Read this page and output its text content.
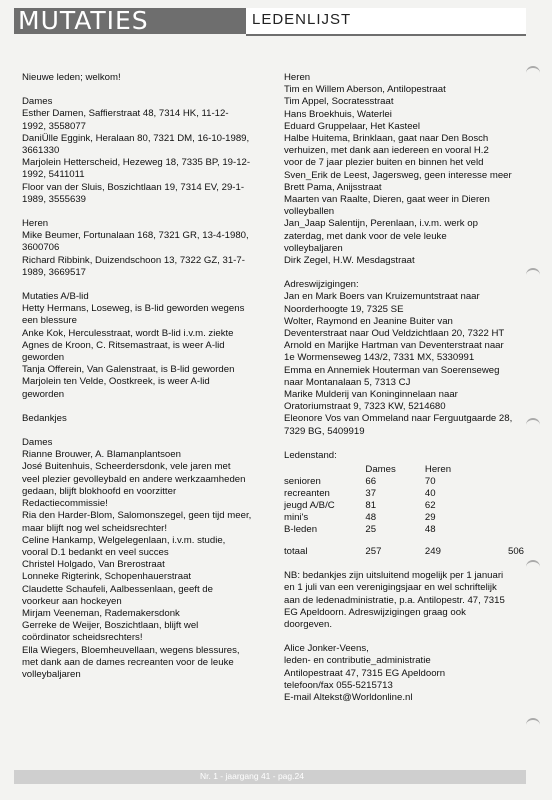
MUTATIES	LEDENLIJST
Nieuwe leden; welkom!
Dames
Esther Damen, Saffierstraat 48, 7314 HK, 11-12-
1992, 3558077
DaniÜlle Eggink, Heralaan 80, 7321 DM, 16-10-1989,
3661330
Marjolein Hetterscheid, Hezeweg 18, 7335 BP, 19-12-
1992, 5411011
Floor van der Sluis, Boszichtlaan 19, 7314 EV, 29-1-
1989, 3555639
Heren
Mike Beumer, Fortunalaan 168, 7321 GR, 13-4-1980,
3600706
Richard Ribbink, Duizendschoon 13, 7322 GZ, 31-7-
1989, 3669517
Mutaties A/B-lid
Hetty Hermans, Loseweg, is B-lid geworden wegens
een blessure
Anke Kok, Herculesstraat, wordt B-lid i.v.m. ziekte
Agnes de Kroon, C. Ritsemastraat, is weer A-lid
geworden
Tanja Offerein, Van Galenstraat, is B-lid geworden
Marjolein ten Velde, Oostkreek, is weer A-lid
geworden
Bedankjes
Dames
Rianne Brouwer, A. Blamanplantsoen
José Buitenhuis, Scheerdersdonk, vele jaren met
veel plezier gevolleybald en andere werkzaamheden
gedaan, blijft blokhoofd en voorzitter
Redactiecommissie!
Ria den Harder-Blom, Salomonszegel, geen tijd meer,
maar blijft nog wel scheidsrechter!
Celine Hankamp, Welgelegenlaan, i.v.m. studie,
vooral D.1 bedankt en veel succes
Christel Holgado, Van Brerostraat
Lonneke Rigterink, Schopenhauerstraat
Claudette Schaufeli, Aalbessenlaan, geeft de
voorkeur aan hockeyen
Mirjam Veeneman, Rademakersdonk
Gerreke de Weijer, Boszichtlaan, blijft wel
coördinator scheidsrechters!
Ella Wiegers, Bloemheuvellaan, wegens blessures,
met dank aan de dames recreanten voor de leuke
volleybaljaren
Heren
Tim en Willem Aberson, Antilopestraat
Tim Appel, Socratesstraat
Hans Broekhuis, Waterlei
Eduard Gruppelaar, Het Kasteel
Halbe Huitema, Brinklaan, gaat naar Den Bosch
verhuizen, met dank aan iedereen en vooral H.2
voor de 7 jaar plezier buiten en binnen het veld
Sven_Erik de Leest, Jagersweg, geen interesse meer
Brett Pama, Anijsstraat
Maarten van Raalte, Dieren, gaat weer in Dieren
volleyballen
Jan_Jaap Salentijn, Perenlaan, i.v.m. werk op
zaterdag, met dank voor de vele leuke
volleybaljaren
Dirk Zegel, H.W. Mesdagstraat
Adreswijzigingen:
Jan en Mark Boers van Kruizemuntstraat naar
Noorderhoogte 19, 7325 SE
Wolter, Raymond en Jeanine Buiter van
Deventerstraat naar Oud Veldzichtlaan 20, 7322 HT
Arnold en Marijke Hartman van Deventerstraat naar
1e Wormenseweg 143/2, 7331 MX, 5330991
Emma en Annemiek Houterman van Soerenseweg
naar Montanalaan 5, 7313 CJ
Marike Mulderij van Koninginnelaan naar
Oratoriumstraat 9, 7323 KW, 5214680
Eleonore Vos van Ommeland naar Ferguutgaarde 28,
7329 BG, 5409919
Ledenstand:
	Dames	Heren	
senioren	66	70	
recreanten	37	40	
jeugd A/B/C	81	62	
mini's	48	29	
B-leden	25	48	
totaal	257	249	506
NB: bedankjes zijn uitsluitend mogelijk per 1 januari
en 1 juli van een verenigingsjaar en wel schriftelijk
aan de ledenadministratie, p.a. Antilopestr. 47, 7315
EG Apeldoorn. Adreswijzigingen graag ook
doorgeven.
Alice Jonker-Veens,
leden- en contributie_administratie
Antilopestraat 47, 7315 EG Apeldoorn
telefoon/fax 055-5215713
E-mail Altekst@Worldonline.nl
Nr. 1 - jaargang 41 - pag.24
